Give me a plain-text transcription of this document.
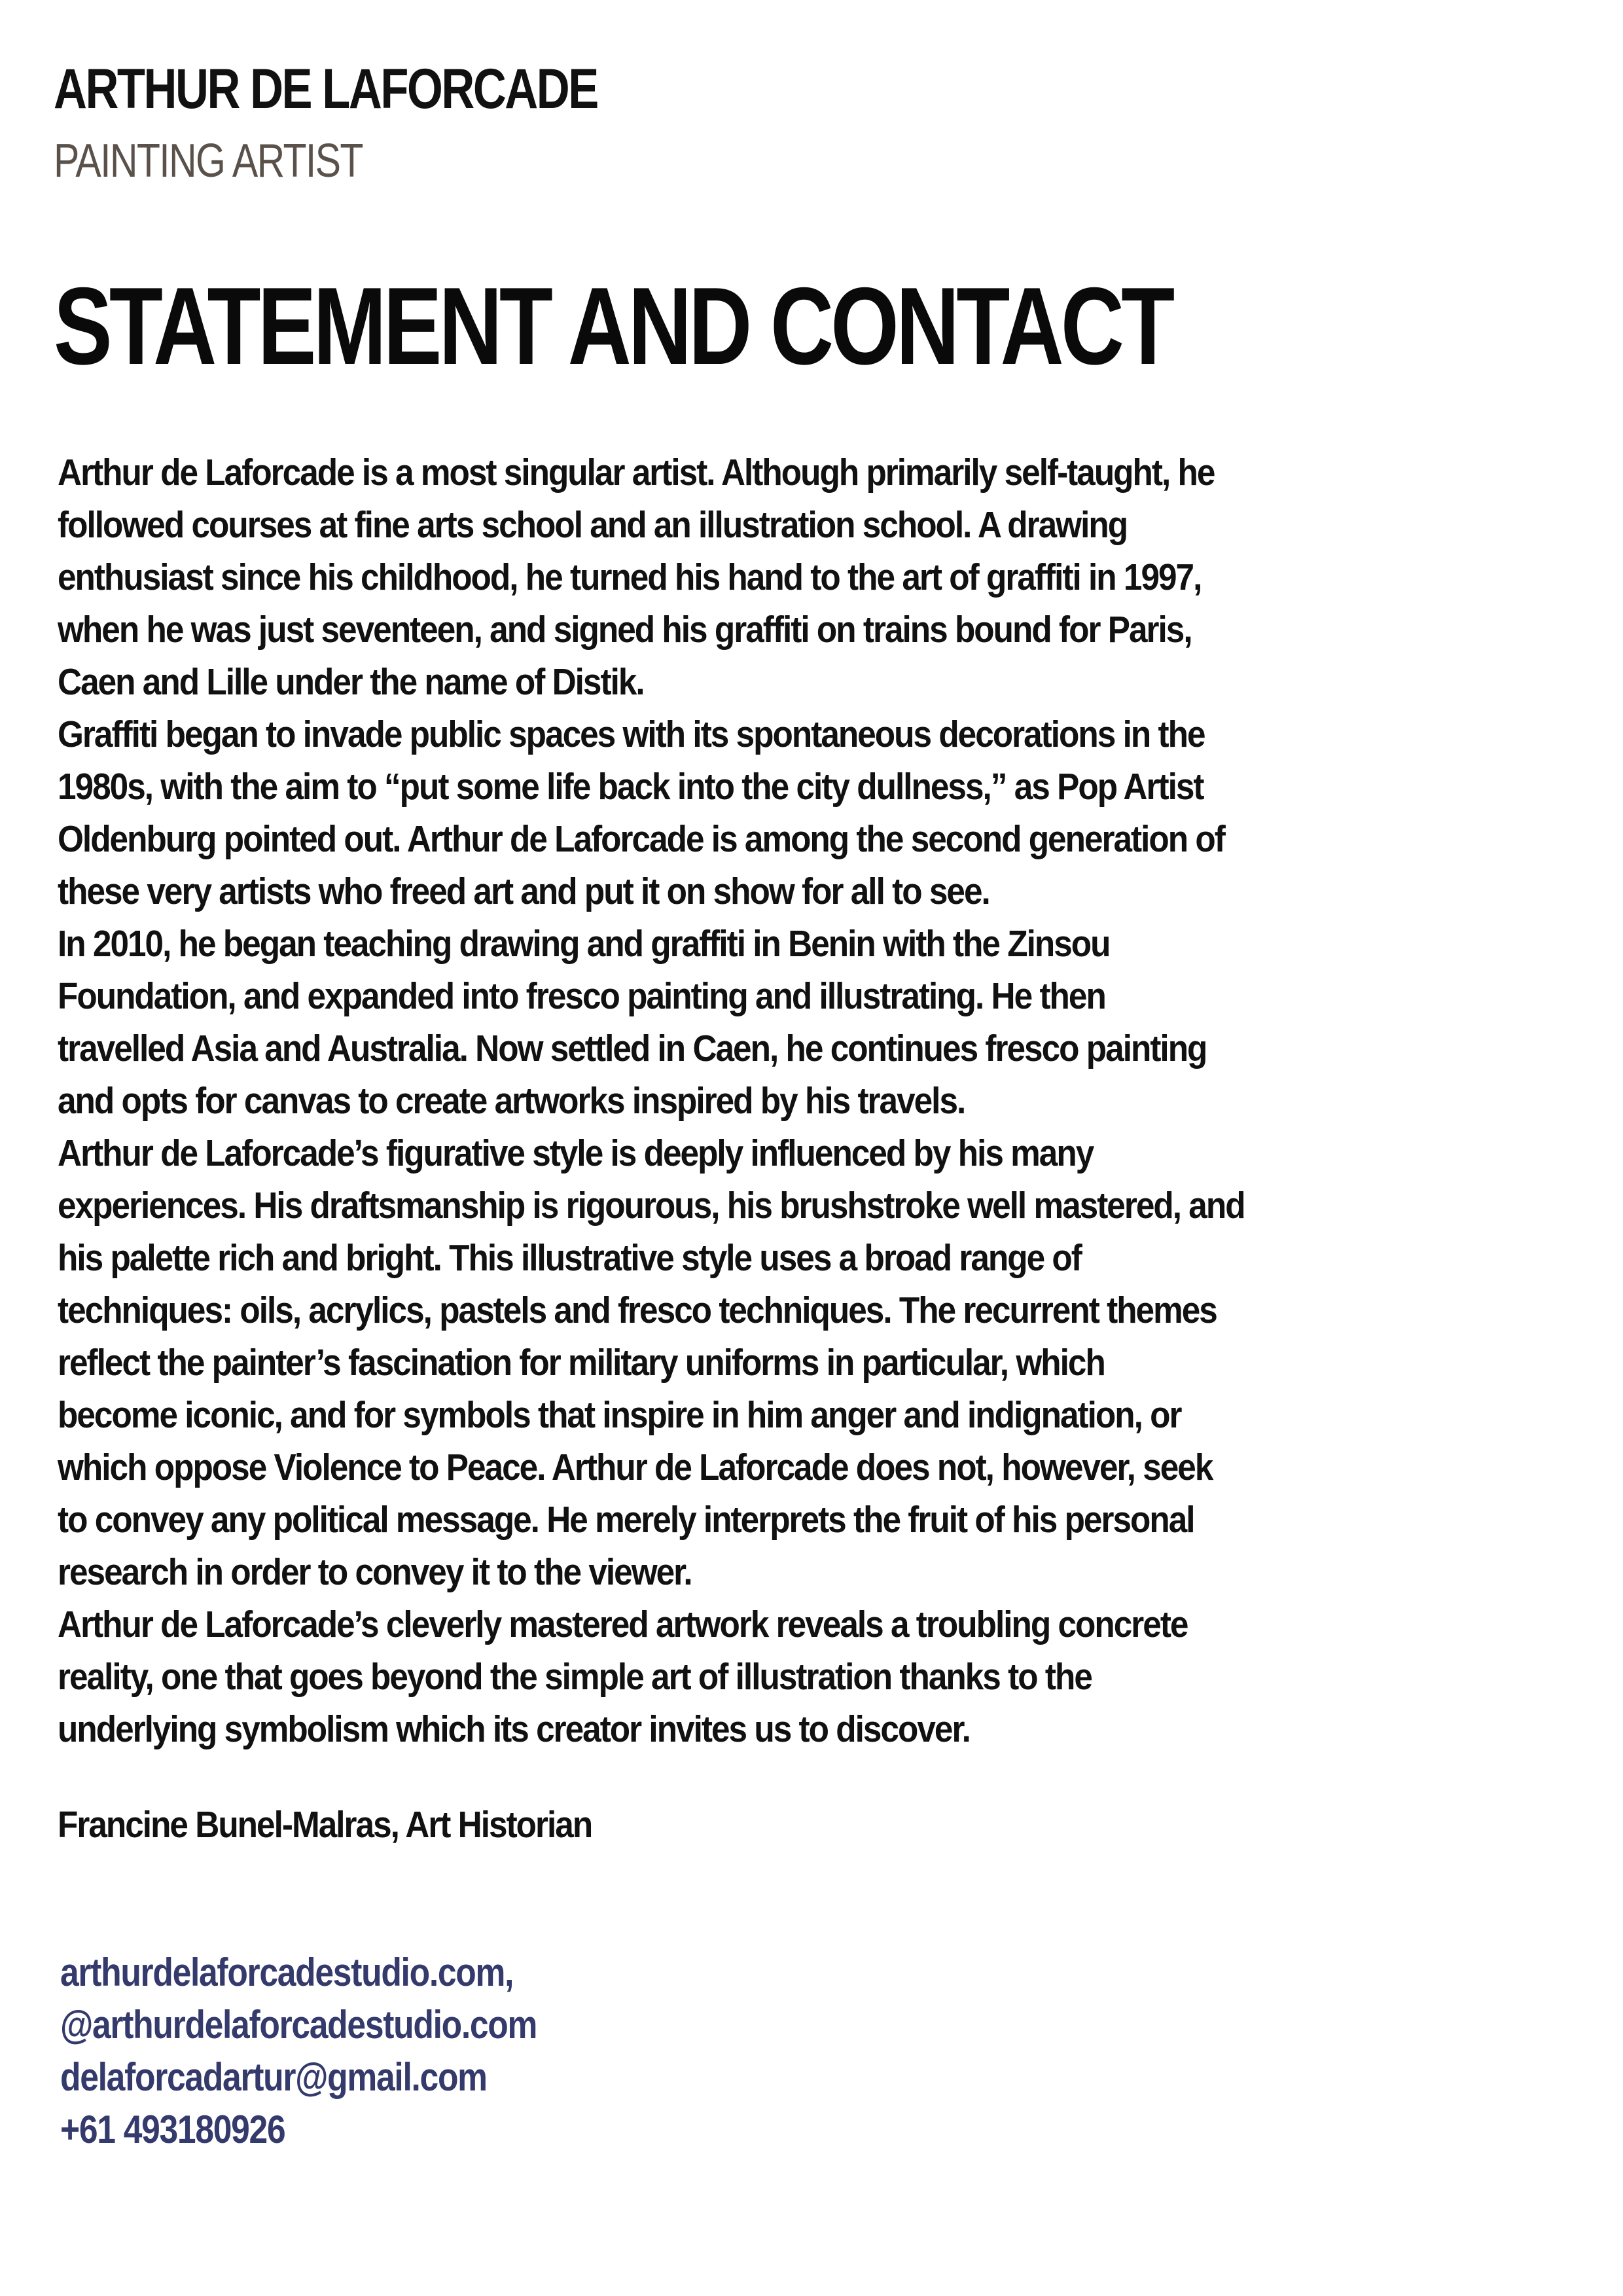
ARTHUR DE LAFORCADE
PAINTING ARTIST
STATEMENT AND CONTACT
Arthur de Laforcade is a most singular artist. Although primarily self-taught, he
followed courses at fine arts school and an illustration school. A drawing
enthusiast since his childhood, he turned his hand to the art of graffiti in 1997,
when he was just seventeen, and signed his graffiti on trains bound for Paris,
Caen and Lille under the name of Distik.
Graffiti began to invade public spaces with its spontaneous decorations in the
1980s, with the aim to “put some life back into the city dullness,” as Pop Artist
Oldenburg pointed out. Arthur de Laforcade is among the second generation of
these very artists who freed art and put it on show for all to see.
In 2010, he began teaching drawing and graffiti in Benin with the Zinsou
Foundation, and expanded into fresco painting and illustrating. He then
travelled Asia and Australia. Now settled in Caen, he continues fresco painting
and opts for canvas to create artworks inspired by his travels.
Arthur de Laforcade’s figurative style is deeply influenced by his many
experiences. His draftsmanship is rigourous, his brushstroke well mastered, and
his palette rich and bright. This illustrative style uses a broad range of
techniques: oils, acrylics, pastels and fresco techniques. The recurrent themes
reflect the painter’s fascination for military uniforms in particular, which
become iconic, and for symbols that inspire in him anger and indignation, or
which oppose Violence to Peace. Arthur de Laforcade does not, however, seek
to convey any political message. He merely interprets the fruit of his personal
research in order to convey it to the viewer.
Arthur de Laforcade’s cleverly mastered artwork reveals a troubling concrete
reality, one that goes beyond the simple art of illustration thanks to the
underlying symbolism which its creator invites us to discover.
Francine Bunel-Malras, Art Historian
arthurdelaforcadestudio.com,
@arthurdelaforcadestudio.com
delaforcadartur@gmail.com
+61 493180926
